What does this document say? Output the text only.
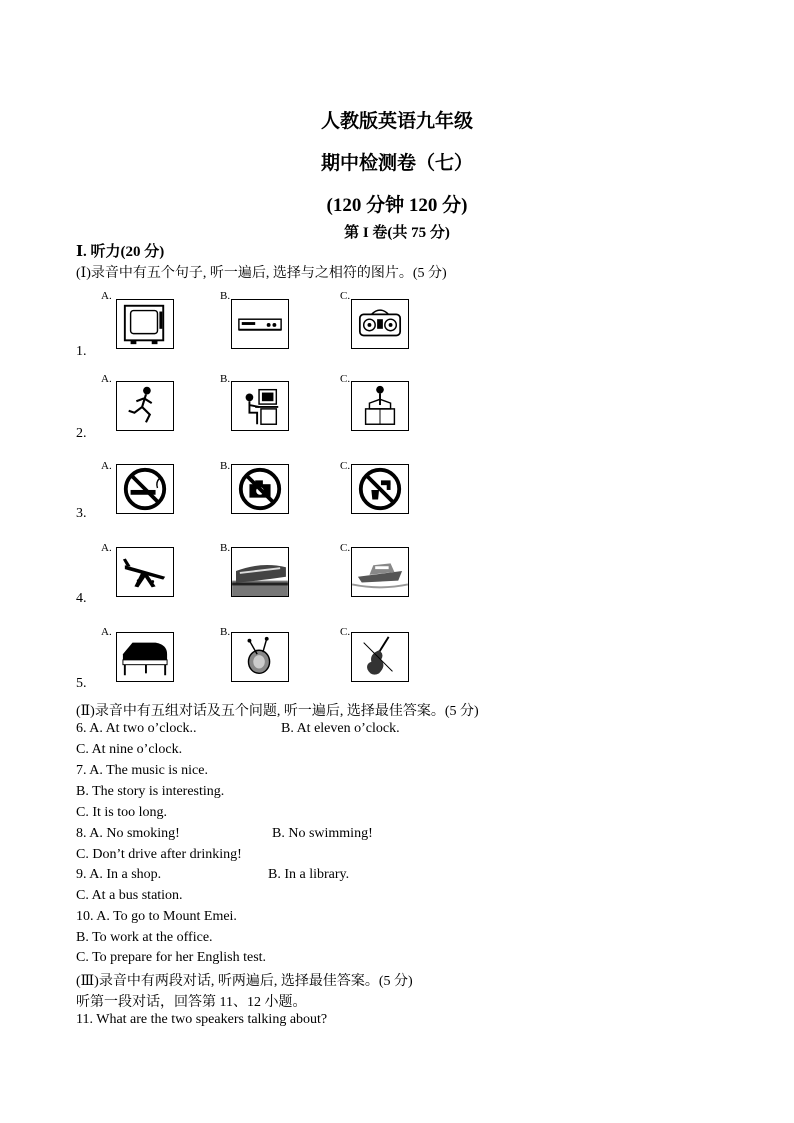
人教版英语九年级
期中检测卷（七）
(120 分钟 120 分)
第 I 卷(共 75 分)
Ⅰ. 听力(20 分)
(Ⅰ)录音中有五个句子, 听一遍后, 选择与之相符的图片。(5 分)
A.	B.	C.
1.
A.	B.	C.
2.
A.	B.	C.
3.
A.	B.	C.
4.
A.	B.	C.
5.
(Ⅱ)录音中有五组对话及五个问题, 听一遍后, 选择最佳答案。(5 分)
6. A. At two o’clock..	B. At eleven o’clock.
C. At nine o’clock.
7. A. The music is nice.
B. The story is interesting.
C. It is too long.
8. A. No smoking!	B. No swimming!
C. Don’t drive after drinking!
9. A. In a shop.	B. In a library.
C. At a bus station.
10. A. To go to Mount Emei.
B. To work at the office.
C. To prepare for her English test.
(Ⅲ)录音中有两段对话, 听两遍后, 选择最佳答案。(5 分)
听第一段对话，回答第 11、12 小题。
11. What are the two speakers talking about?
